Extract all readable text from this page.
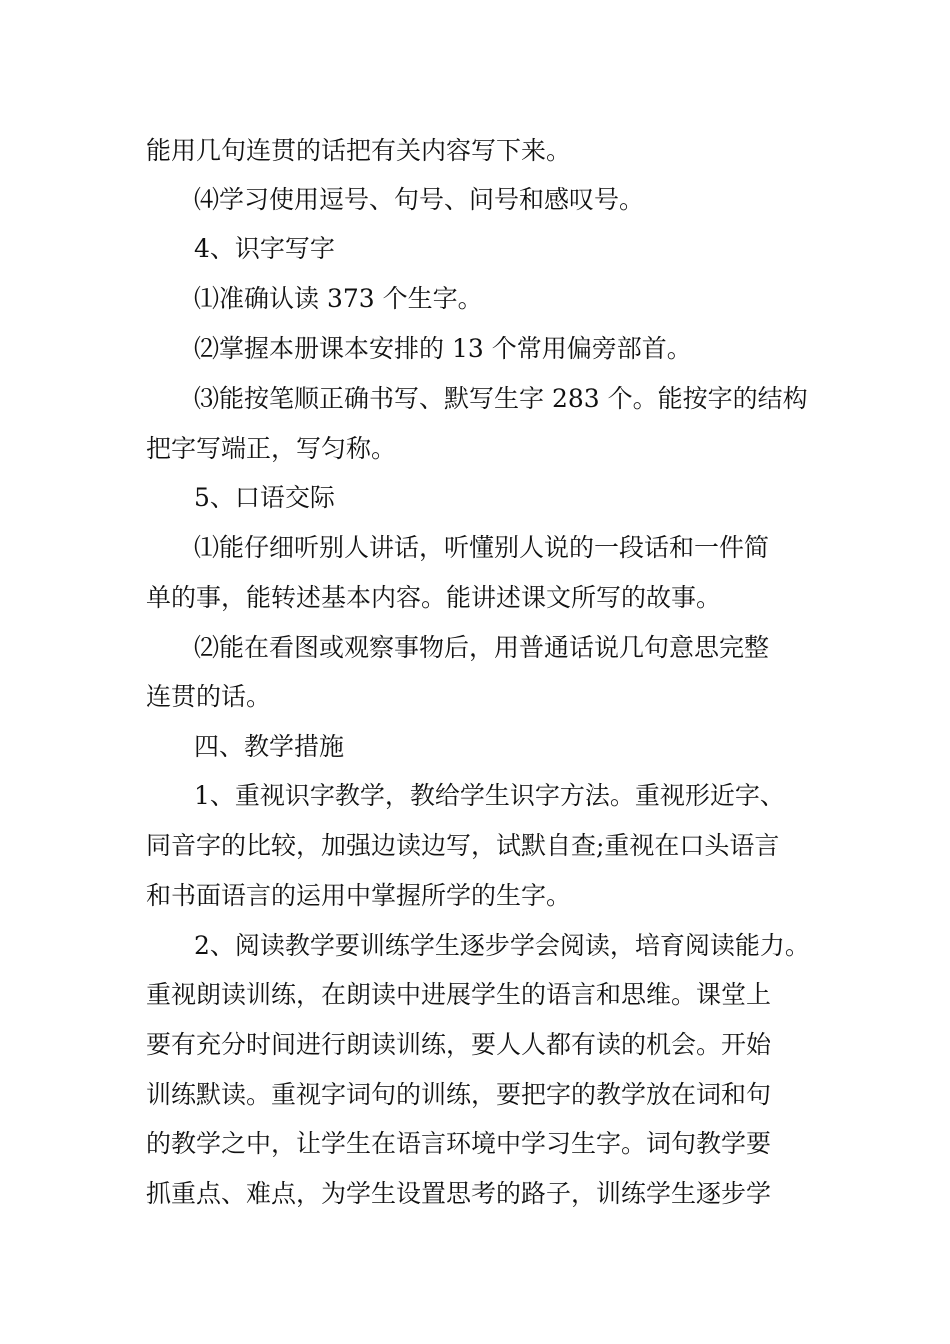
能用几句连贯的话把有关内容写下来。
⑷学习使用逗号、句号、问号和感叹号。
4、识字写字
⑴准确认读 373 个生字。
⑵掌握本册课本安排的 13 个常用偏旁部首。
⑶能按笔顺正确书写、默写生字 283 个。能按字的结构
把字写端正，写匀称。
5、口语交际
⑴能仔细听别人讲话，听懂别人说的一段话和一件简
单的事，能转述基本内容。能讲述课文所写的故事。
⑵能在看图或观察事物后，用普通话说几句意思完整
连贯的话。
四、教学措施
1、重视识字教学，教给学生识字方法。重视形近字、
同音字的比较，加强边读边写，试默自查;重视在口头语言
和书面语言的运用中掌握所学的生字。
2、阅读教学要训练学生逐步学会阅读，培育阅读能力。
重视朗读训练，在朗读中进展学生的语言和思维。课堂上
要有充分时间进行朗读训练，要人人都有读的机会。开始
训练默读。重视字词句的训练，要把字的教学放在词和句
的教学之中，让学生在语言环境中学习生字。词句教学要
抓重点、难点，为学生设置思考的路子，训练学生逐步学
